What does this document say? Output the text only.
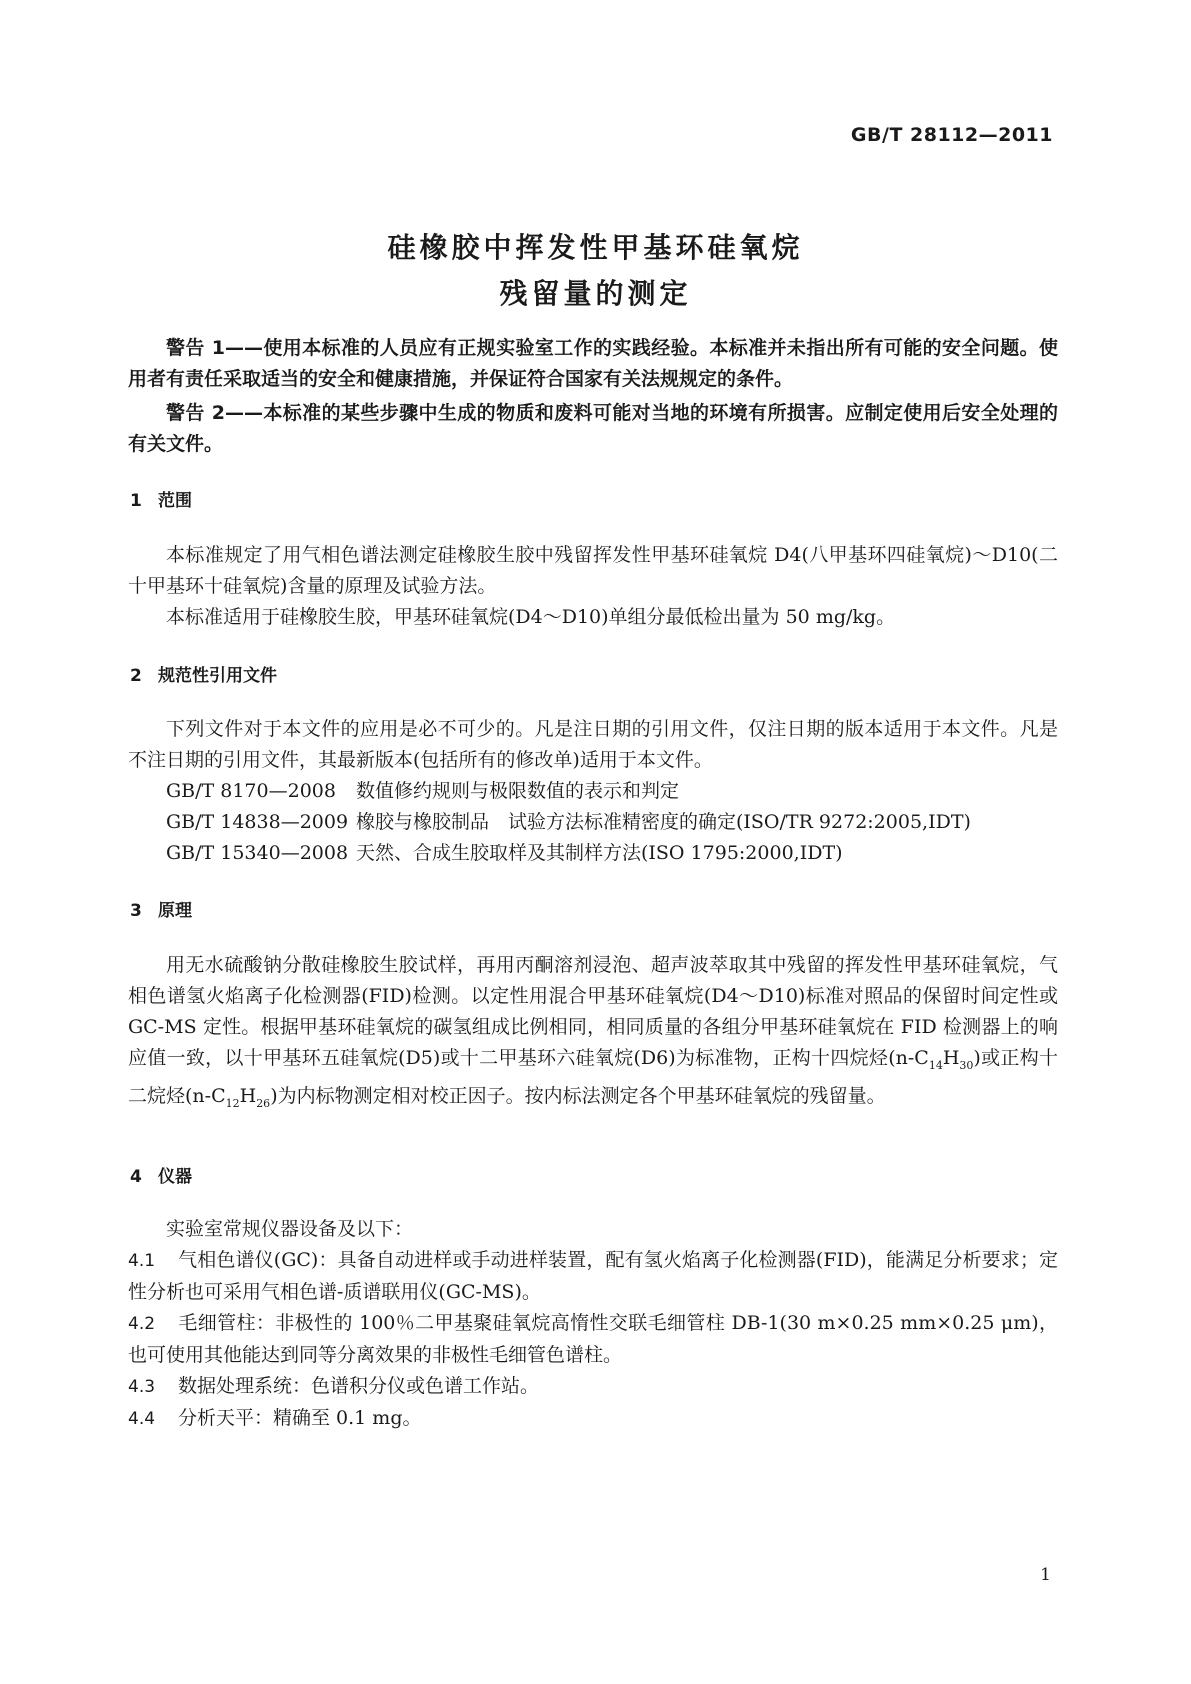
GB/T 28112—2011
硅橡胶中挥发性甲基环硅氧烷
残留量的测定

警告 1——使用本标准的人员应有正规实验室工作的实践经验。本标准并未指出所有可能的安全问题。使用者有责任采取适当的安全和健康措施，并保证符合国家有关法规规定的条件。

警告 2——本标准的某些步骤中生成的物质和废料可能对当地的环境有所损害。应制定使用后安全处理的有关文件。

1 范围

本标准规定了用气相色谱法测定硅橡胶生胶中残留挥发性甲基环硅氧烷 D4(八甲基环四硅氧烷)～D10(二十甲基环十硅氧烷)含量的原理及试验方法。

本标准适用于硅橡胶生胶，甲基环硅氧烷(D4～D10)单组分最低检出量为 50 mg/kg。

2 规范性引用文件

下列文件对于本文件的应用是必不可少的。凡是注日期的引用文件，仅注日期的版本适用于本文件。凡是不注日期的引用文件，其最新版本(包括所有的修改单)适用于本文件。

GB/T 8170—2008 数值修约规则与极限数值的表示和判定

GB/T 14838—2009 橡胶与橡胶制品　试验方法标准精密度的确定(ISO/TR 9272:2005,IDT)

GB/T 15340—2008 天然、合成生胶取样及其制样方法(ISO 1795:2000,IDT)

3 原理

用无水硫酸钠分散硅橡胶生胶试样，再用丙酮溶剂浸泡、超声波萃取其中残留的挥发性甲基环硅氧烷，气相色谱氢火焰离子化检测器(FID)检测。以定性用混合甲基环硅氧烷(D4～D10)标准对照品的保留时间定性或 GC-MS 定性。根据甲基环硅氧烷的碳氢组成比例相同，相同质量的各组分甲基环硅氧烷在 FID 检测器上的响应值一致，以十甲基环五硅氧烷(D5)或十二甲基环六硅氧烷(D6)为标准物，正构十四烷烃$(n-C_{14}H_{30})$或正构十二烷烃$(n-C_{12}H_{26})$为内标物测定相对校正因子。按内标法测定各个甲基环硅氧烷的残留量。

4 仪器

实验室常规仪器设备及以下：

4.1 气相色谱仪(GC)：具备自动进样或手动进样装置，配有氢火焰离子化检测器(FID)，能满足分析要求；定性分析也可采用气相色谱-质谱联用仪(GC-MS)。

4.2 毛细管柱：非极性的 100％二甲基聚硅氧烷高惰性交联毛细管柱 DB-1(30 m×0.25 mm×0.25 μm)，也可使用其他能达到同等分离效果的非极性毛细管色谱柱。

4.3 数据处理系统：色谱积分仪或色谱工作站。

4.4 分析天平：精确至 0.1 mg。

1
